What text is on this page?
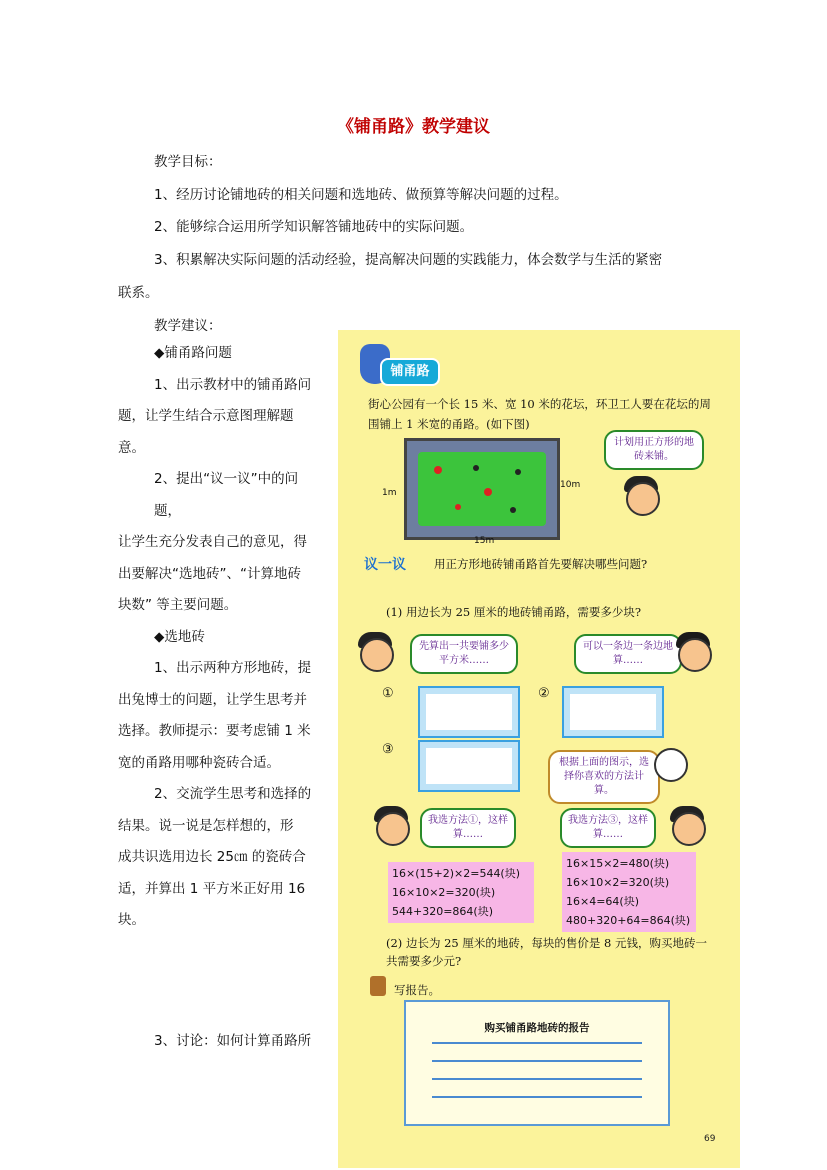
《铺甬路》教学建议
教学目标：
1、经历讨论铺地砖的相关问题和选地砖、做预算等解决问题的过程。
2、能够综合运用所学知识解答铺地砖中的实际问题。
3、积累解决实际问题的活动经验，提高解决问题的实践能力，体会数学与生活的紧密
联系。
教学建议：
◆铺甬路问题
1、出示教材中的铺甬路问
题，让学生结合示意图理解题
意。
2、提出“议一议”中的问题，
让学生充分发表自己的意见，得
出要解决“选地砖”、“计算地砖
块数” 等主要问题。
◆选地砖
1、出示两种方形地砖，提
出兔博士的问题，让学生思考并
选择。教师提示：要考虑铺 1 米
宽的甬路用哪种瓷砖合适。
2、交流学生思考和选择的
结果。说一说是怎样想的，形
成共识选用边长 25㎝ 的瓷砖合
适，并算出 1 平方米正好用 16
块。
3、讨论：如何计算甬路所
铺甬路
街心公园有一个长 15 米、宽 10 米的花坛，环卫工人要在花坛的周围铺上 1 米宽的甬路。(如下图)
1m
10m
15m
计划用正方形的地砖来铺。
议一议 用正方形地砖铺甬路首先要解决哪些问题?
(1) 用边长为 25 厘米的地砖铺甬路，需要多少块?
先算出一共要铺多少平方米……
可以一条边一条边地算……
①	②
③
根据上面的图示，选择你喜欢的方法计算。
我选方法①，这样算……
我选方法③，这样算……
16×(15+2)×2=544(块)
16×10×2=320(块)
544+320=864(块)
16×15×2=480(块)
16×10×2=320(块)
16×4=64(块)
480+320+64=864(块)
(2) 边长为 25 厘米的地砖，每块的售价是 8 元钱，购买地砖一共需要多少元?
写报告。
购买铺甬路地砖的报告
69
